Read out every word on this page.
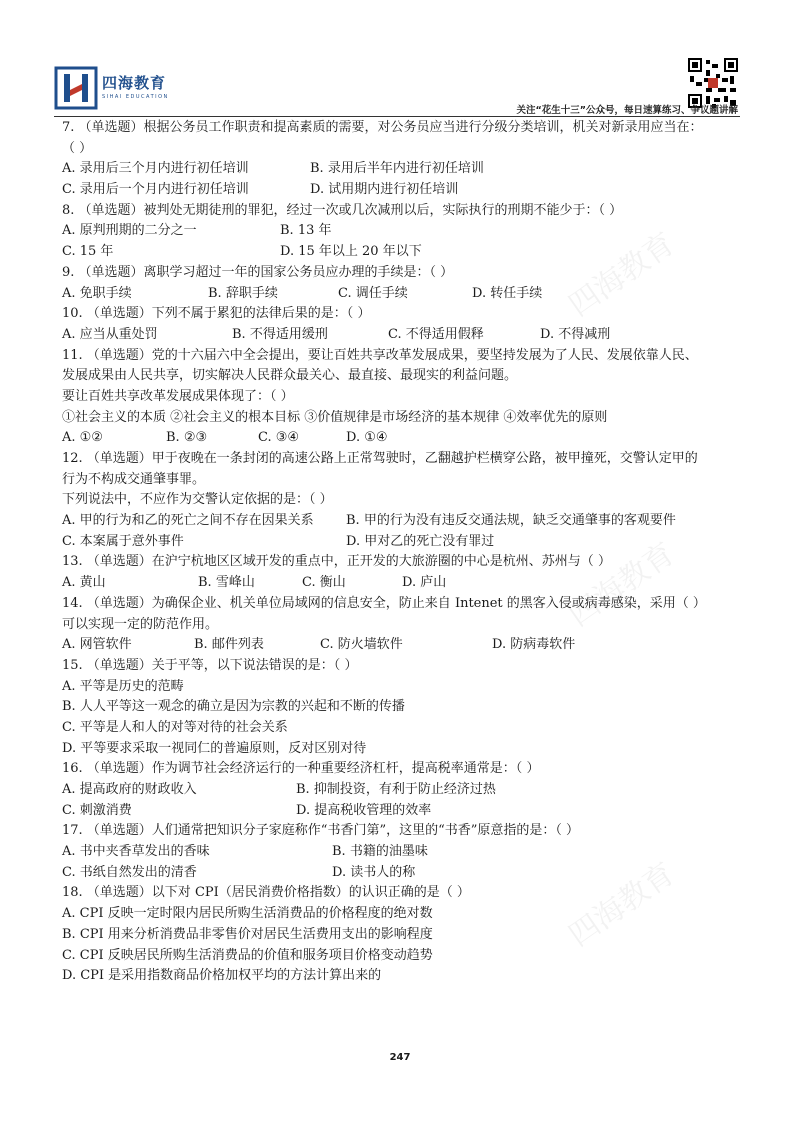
四海教育
SIHAI EDUCATION
关注“花生十三”公众号，每日速算练习、争议题讲解
四海教育
四海教育
四海教育
7. （单选题）根据公务员工作职责和提高素质的需要，对公务员应当进行分级分类培训，机关对新录用应当在：
（ ）
A. 录用后三个月内进行初任培训	B. 录用后半年内进行初任培训
C. 录用后一个月内进行初任培训	D. 试用期内进行初任培训
8. （单选题）被判处无期徒刑的罪犯，经过一次或几次减刑以后，实际执行的刑期不能少于：（ ）
A. 原判刑期的二分之一	B. 13 年
C. 15 年	D. 15 年以上 20 年以下
9. （单选题）离职学习超过一年的国家公务员应办理的手续是：（ ）
A. 免职手续	B. 辞职手续	C. 调任手续	D. 转任手续
10. （单选题）下列不属于累犯的法律后果的是：（ ）
A. 应当从重处罚	B. 不得适用缓刑	C. 不得适用假释	D. 不得减刑
11. （单选题）党的十六届六中全会提出，要让百姓共享改革发展成果，要坚持发展为了人民、发展依靠人民、
发展成果由人民共享，切实解决人民群众最关心、最直接、最现实的利益问题。
要让百姓共享改革发展成果体现了：（ ）
①社会主义的本质 ②社会主义的根本目标 ③价值规律是市场经济的基本规律 ④效率优先的原则
A. ①②	B. ②③	C. ③④	D. ①④
12. （单选题）甲于夜晚在一条封闭的高速公路上正常驾驶时，乙翻越护栏横穿公路，被甲撞死，交警认定甲的
行为不构成交通肇事罪。
下列说法中，不应作为交警认定依据的是：（ ）
A. 甲的行为和乙的死亡之间不存在因果关系 B. 甲的行为没有违反交通法规，缺乏交通肇事的客观要件
C. 本案属于意外事件	D. 甲对乙的死亡没有罪过
13. （单选题）在沪宁杭地区区域开发的重点中，正开发的大旅游圈的中心是杭州、苏州与（ ）
A. 黄山	B. 雪峰山	C. 衡山	D. 庐山
14. （单选题）为确保企业、机关单位局域网的信息安全，防止来自 Intenet 的黑客入侵或病毒感染，采用（ ）
可以实现一定的防范作用。
A. 网管软件	B. 邮件列表	C. 防火墙软件	D. 防病毒软件
15. （单选题）关于平等，以下说法错误的是：（ ）
A. 平等是历史的范畴
B. 人人平等这一观念的确立是因为宗教的兴起和不断的传播
C. 平等是人和人的对等对待的社会关系
D. 平等要求采取一视同仁的普遍原则，反对区别对待
16. （单选题）作为调节社会经济运行的一种重要经济杠杆，提高税率通常是：（ ）
A. 提高政府的财政收入	B. 抑制投资，有利于防止经济过热
C. 刺激消费	D. 提高税收管理的效率
17. （单选题）人们通常把知识分子家庭称作“书香门第”，这里的“书香”原意指的是：（ ）
A. 书中夹香草发出的香味	B. 书籍的油墨味
C. 书纸自然发出的清香	D. 读书人的称
18. （单选题）以下对 CPI（居民消费价格指数）的认识正确的是（ ）
A. CPI 反映一定时限内居民所购生活消费品的价格程度的绝对数
B. CPI 用来分析消费品非零售价对居民生活费用支出的影响程度
C. CPI 反映居民所购生活消费品的价值和服务项目价格变动趋势
D. CPI 是采用指数商品价格加权平均的方法计算出来的
247
